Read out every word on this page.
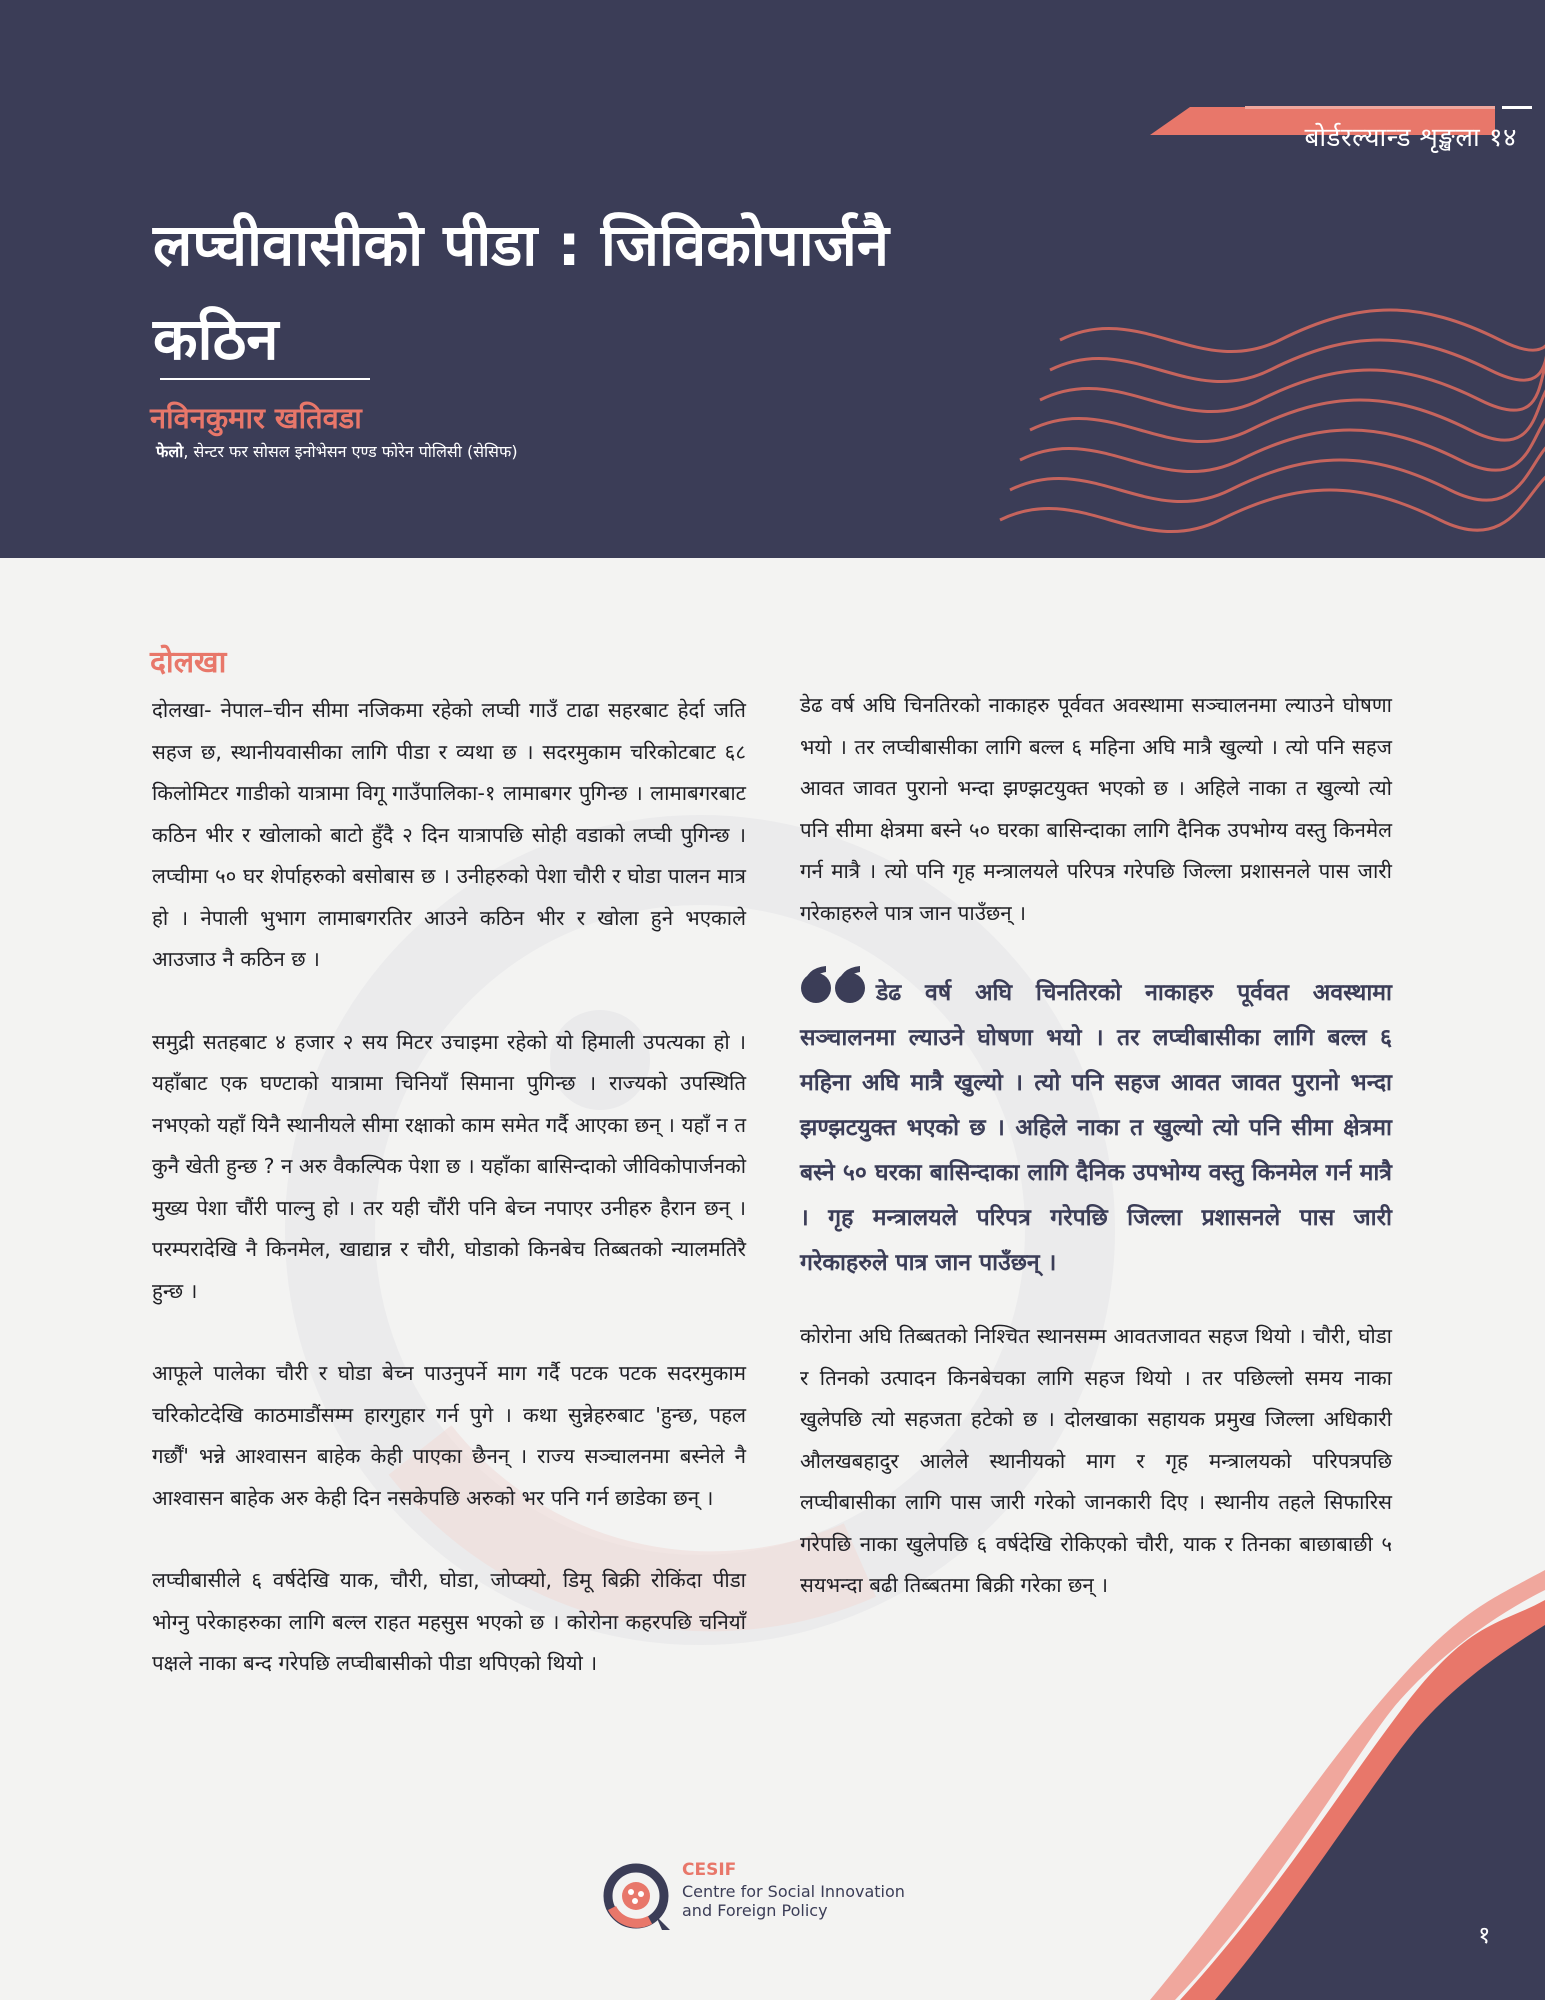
बोर्डरल्यान्ड शृङ्खला १४
लप्चीवासीको पीडा : जिविकोपार्जनै
कठिन
नविनकुमार खतिवडा
फेलो, सेन्टर फर सोसल इनोभेसन एण्ड फोरेन पोलिसी (सेसिफ)
दोलखा

दोलखा- नेपाल–चीन सीमा नजिकमा रहेको लप्ची गाउँ टाढा सहरबाट हेर्दा जति सहज छ, स्थानीयवासीका लागि पीडा र व्यथा छ । सदरमुकाम चरिकोटबाट ६८ किलोमिटर गाडीको यात्रामा विगू गाउँपालिका-१ लामाबगर पुगिन्छ । लामाबगरबाट कठिन भीर र खोलाको बाटो हुँदै २ दिन यात्रापछि सोही वडाको लप्ची पुगिन्छ । लप्चीमा ५० घर शेर्पाहरुको बसोबास छ । उनीहरुको पेशा चौरी र घोडा पालन मात्र हो । नेपाली भुभाग लामाबगरतिर आउने कठिन भीर र खोला हुने भएकाले आउजाउ नै कठिन छ ।

समुद्री सतहबाट ४ हजार २ सय मिटर उचाइमा रहेको यो हिमाली उपत्यका हो । यहाँबाट एक घण्टाको यात्रामा चिनियाँ सिमाना पुगिन्छ । राज्यको उपस्थिति नभएको यहाँ यिनै स्थानीयले सीमा रक्षाको काम समेत गर्दै आएका छन् । यहाँ न त कुनै खेती हुन्छ ? न अरु वैकल्पिक पेशा छ । यहाँका बासिन्दाको जीविकोपार्जनको मुख्य पेशा चौंरी पाल्नु हो । तर यही चौंरी पनि बेच्न नपाएर उनीहरु हैरान छन् । परम्परादेखि नै किनमेल, खाद्यान्न र चौरी, घोडाको किनबेच तिब्बतको न्यालमतिरै हुन्छ ।

आफूले पालेका चौरी र घोडा बेच्न पाउनुपर्ने माग गर्दै पटक पटक सदरमुकाम चरिकोटदेखि काठमाडौंसम्म हारगुहार गर्न पुगे । कथा सुन्नेहरुबाट 'हुन्छ, पहल गर्छौं' भन्ने आश्वासन बाहेक केही पाएका छैनन् । राज्य सञ्चालनमा बस्नेले नै आश्वासन बाहेक अरु केही दिन नसकेपछि अरुको भर पनि गर्न छाडेका छन् ।

लप्चीबासीले ६ वर्षदेखि याक, चौरी, घोडा, जोप्क्यो, डिमू बिक्री रोकिंदा पीडा भोग्नु परेकाहरुका लागि बल्ल राहत महसुस भएको छ । कोरोना कहरपछि चनियाँ पक्षले नाका बन्द गरेपछि लप्चीबासीको पीडा थपिएको थियो ।

डेढ वर्ष अघि चिनतिरको नाकाहरु पूर्ववत अवस्थामा सञ्चालनमा ल्याउने घोषणा भयो । तर लप्चीबासीका लागि बल्ल ६ महिना अघि मात्रै खुल्यो । त्यो पनि सहज आवत जावत पुरानो भन्दा झण्झटयुक्त भएको छ । अहिले नाका त खुल्यो त्यो पनि सीमा क्षेत्रमा बस्ने ५० घरका बासिन्दाका लागि दैनिक उपभोग्य वस्तु किनमेल गर्न मात्रै । त्यो पनि गृह मन्त्रालयले परिपत्र गरेपछि जिल्ला प्रशासनले पास जारी गरेकाहरुले पात्र जान पाउँछन् ।

डेढ वर्ष अघि चिनतिरको नाकाहरु पूर्ववत अवस्थामा सञ्चालनमा ल्याउने घोषणा भयो । तर लप्चीबासीका लागि बल्ल ६ महिना अघि मात्रै खुल्यो । त्यो पनि सहज आवत जावत पुरानो भन्दा झण्झटयुक्त भएको छ । अहिले नाका त खुल्यो त्यो पनि सीमा क्षेत्रमा बस्ने ५० घरका बासिन्दाका लागि दैनिक उपभोग्य वस्तु किनमेल गर्न मात्रै । गृह मन्त्रालयले परिपत्र गरेपछि जिल्ला प्रशासनले पास जारी गरेकाहरुले पात्र जान पाउँछन् ।

कोरोना अघि तिब्बतको निश्चित स्थानसम्म आवतजावत सहज थियो । चौरी, घोडा र तिनको उत्पादन किनबेचका लागि सहज थियो । तर पछिल्लो समय नाका खुलेपछि त्यो सहजता हटेको छ । दोलखाका सहायक प्रमुख जिल्ला अधिकारी औलखबहादुर आलेले स्थानीयको माग र गृह मन्त्रालयको परिपत्रपछि लप्चीबासीका लागि पास जारी गरेको जानकारी दिए । स्थानीय तहले सिफारिस गरेपछि नाका खुलेपछि ६ वर्षदेखि रोकिएको चौरी, याक र तिनका बाछाबाछी ५ सयभन्दा बढी तिब्बतमा बिक्री गरेका छन् ।

CESIF
Centre for Social Innovation
and Foreign Policy
१
